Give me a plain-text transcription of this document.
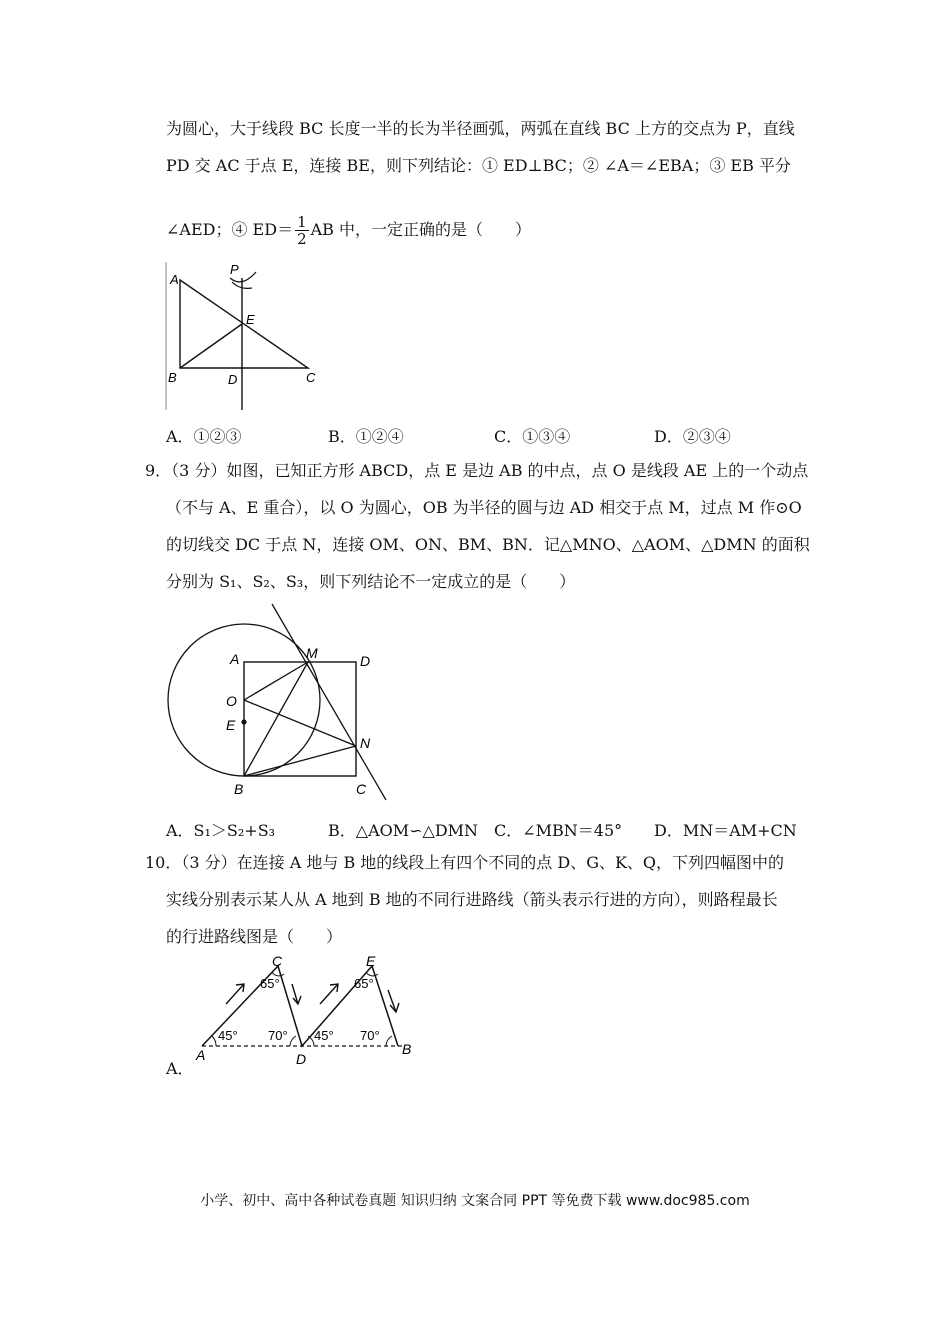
为圆心，大于线段 BC 长度一半的长为半径画弧，两弧在直线 BC 上方的交点为 P，直线
PD 交 AC 于点 E，连接 BE，则下列结论：① ED⊥BC；② ∠A＝∠EBA；③ EB 平分
∠AED；④ $ED= \frac{1}{2}$ AB 中，一定正确的是（　　）
A
P
E
B	D	C
A．①②③	B．①②④	C．①③④	D．②③④
9．（3 分）如图，已知正方形 ABCD，点 E 是边 AB 的中点，点 O 是线段 AE 上的一个动点
（不与 A、E 重合），以 O 为圆心，OB 为半径的圆与边 AD 相交于点 M，过点 M 作⊙O
的切线交 DC 于点 N，连接 OM、ON、BM、BN．记△MNO、△AOM、△DMN 的面积
分别为 S₁、S₂、S₃，则下列结论不一定成立的是（　　）
A	M	D
O
E
N
B	C
A．S₁＞S₂+S₃	B．△AOM∽△DMN C．∠MBN＝45° D．MN＝AM+CN
10．（3 分）在连接 A 地与 B 地的线段上有四个不同的点 D、G、K、Q，下列四幅图中的
实线分别表示某人从 A 地到 B 地的不同行进路线（箭头表示行进的方向），则路程最长
的行进路线图是（　　）
45°
65°
70° 45°
65°
70°
A
C
D
E
B
A．
小学、初中、高中各种试卷真题 知识归纳 文案合同 PPT 等免费下载 www.doc985.com
